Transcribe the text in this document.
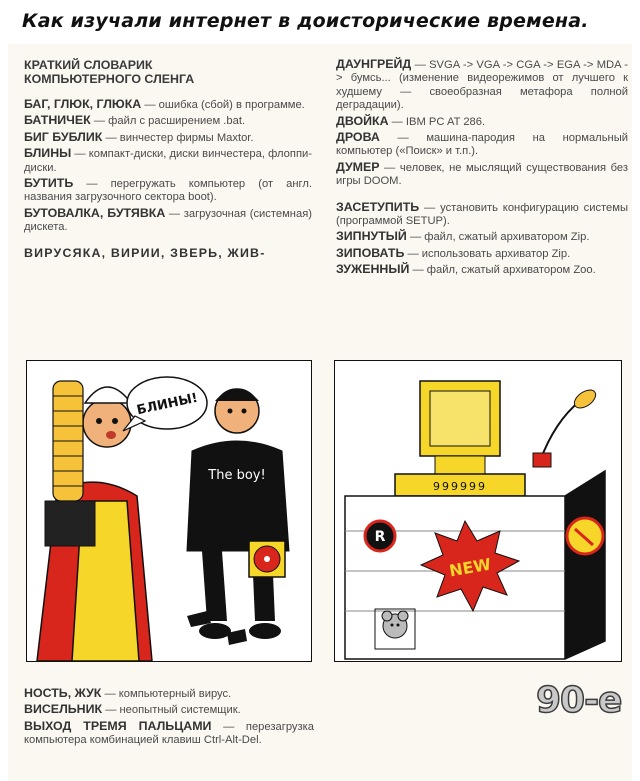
Как изучали интернет в доисторические времена.
КРАТКИЙ СЛОВАРИК
КОМПЬЮТЕРНОГО СЛЕНГА
БАГ, ГЛЮК, ГЛЮКА — ошибка (сбой) в программе.
БАТНИЧЕК — файл с расширением .bat.
БИГ БУБЛИК — винчестер фирмы Maxtor.
БЛИНЫ — компакт-диски, диски винчестера, флоппи-диски.
БУТИТЬ — перегружать компьютер (от англ. названия загрузочного сектора boot).
БУТОВАЛКА, БУТЯВКА — загрузочная (системная) дискета.
ВИРУСЯКА, ВИРИИ, ЗВЕРЬ, ЖИВ-
ДАУНГРЕЙД — SVGA -> VGA -> CGA -> EGA -> MDA -> бумсь... (изменение видеорежимов от лучшего к худшему — своеобразная метафора полной деградации).
ДВОЙКА — IBM PC AT 286.
ДРОВА — машина-пародия на нормальный компьютер («Поиск» и т.п.).
ДУМЕР — человек, не мыслящий существования без игры DOOM.
ЗАСЕТУПИТЬ — установить конфигурацию системы (программой SETUP).
ЗИПНУТЫЙ — файл, сжатый архиватором Zip.
ЗИПОВАТЬ — использовать архиватор Zip.
ЗУЖЕННЫЙ — файл, сжатый архиватором Zoo.
БЛИНЫ!
The boy!
999999
R
NEW
НОСТЬ, ЖУК — компьютерный вирус.
ВИСЕЛЬНИК — неопытный системщик.
ВЫХОД ТРЕМЯ ПАЛЬЦАМИ — перезагрузка компьютера комбинацией клавиш Ctrl-Alt-Del.
90-е
